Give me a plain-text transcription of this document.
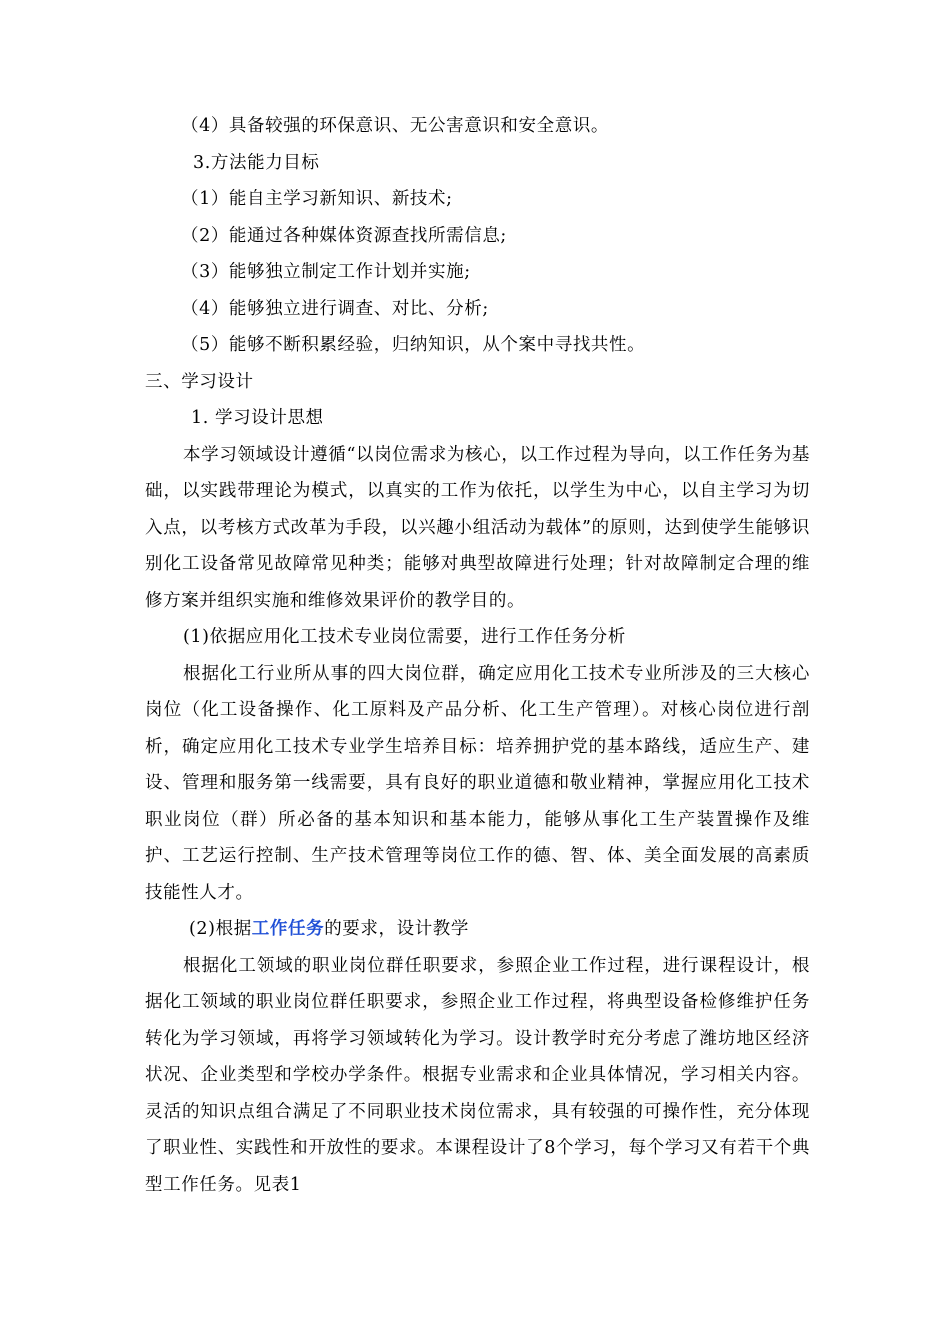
（4）具备较强的环保意识、无公害意识和安全意识。
3.方法能力目标
（1）能自主学习新知识、新技术;
（2）能通过各种媒体资源查找所需信息;
（3）能够独立制定工作计划并实施;
（4）能够独立进行调查、对比、分析;
（5）能够不断积累经验，归纳知识，从个案中寻找共性。
三、学习设计
1. 学习设计思想
本学习领域设计遵循“以岗位需求为核心，以工作过程为导向，以工作任务为基础，以实践带理论为模式，以真实的工作为依托，以学生为中心，以自主学习为切入点，以考核方式改革为手段，以兴趣小组活动为载体”的原则，达到使学生能够识别化工设备常见故障常见种类；能够对典型故障进行处理；针对故障制定合理的维修方案并组织实施和维修效果评价的教学目的。
(1)依据应用化工技术专业岗位需要，进行工作任务分析
根据化工行业所从事的四大岗位群，确定应用化工技术专业所涉及的三大核心岗位（化工设备操作、化工原料及产品分析、化工生产管理）。对核心岗位进行剖析，确定应用化工技术专业学生培养目标：培养拥护党的基本路线，适应生产、建设、管理和服务第一线需要，具有良好的职业道德和敬业精神，掌握应用化工技术职业岗位（群）所必备的基本知识和基本能力，能够从事化工生产装置操作及维护、工艺运行控制、生产技术管理等岗位工作的德、智、体、美全面发展的高素质技能性人才。
(2)根据工作任务的要求，设计教学
根据化工领域的职业岗位群任职要求，参照企业工作过程，进行课程设计，根据化工领域的职业岗位群任职要求，参照企业工作过程，将典型设备检修维护任务转化为学习领域，再将学习领域转化为学习。设计教学时充分考虑了潍坊地区经济状况、企业类型和学校办学条件。根据专业需求和企业具体情况，学习相关内容。灵活的知识点组合满足了不同职业技术岗位需求，具有较强的可操作性，充分体现了职业性、实践性和开放性的要求。本课程设计了8个学习，每个学习又有若干个典型工作任务。见表1
